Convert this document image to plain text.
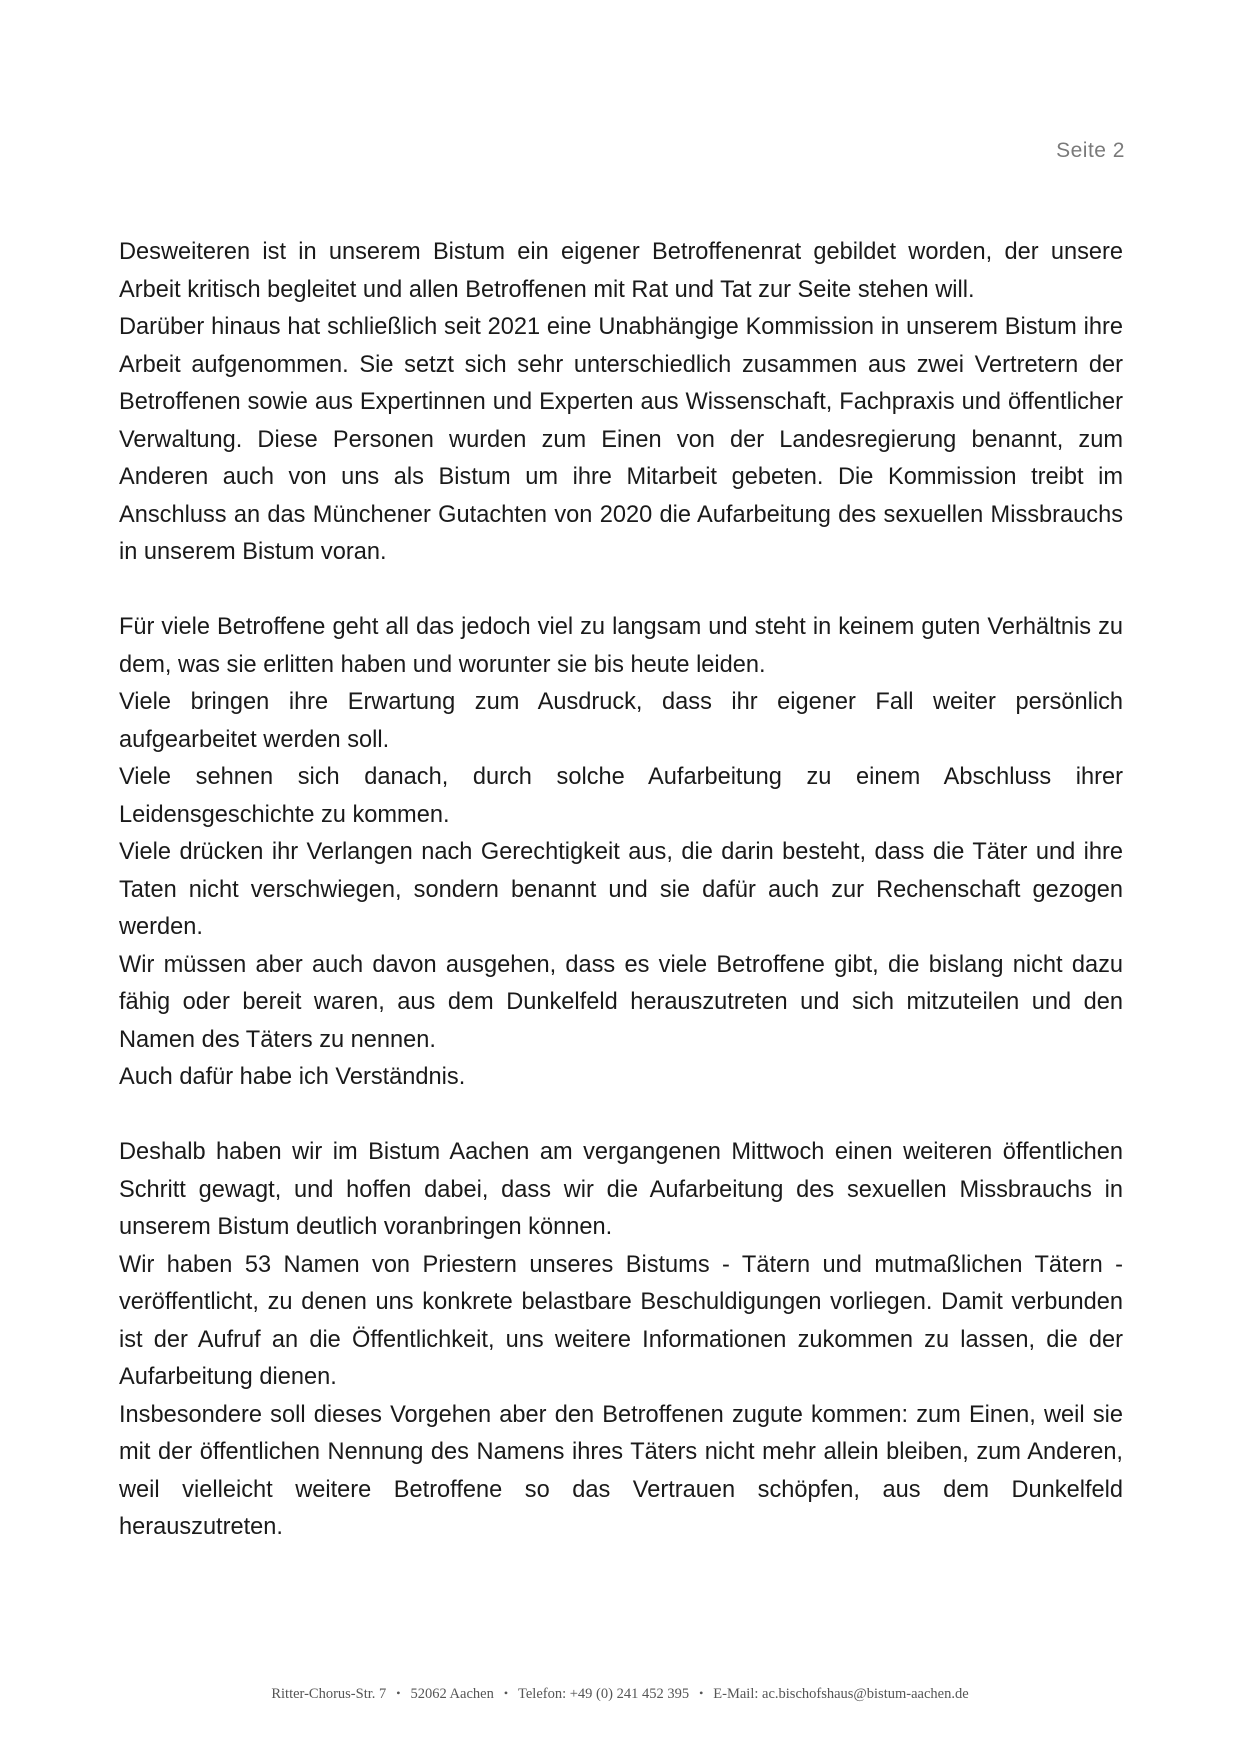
Seite 2

Desweiteren ist in unserem Bistum ein eigener Betroffenenrat gebildet worden, der unsere Arbeit kritisch begleitet und allen Betroffenen mit Rat und Tat zur Seite stehen will.

Darüber hinaus hat schließlich seit 2021 eine Unabhängige Kommission in unserem Bistum ihre Arbeit aufgenommen. Sie setzt sich sehr unterschiedlich zusammen aus zwei Vertretern der Betroffenen sowie aus Expertinnen und Experten aus Wissenschaft, Fachpraxis und öffentlicher Verwaltung. Diese Personen wurden zum Einen von der Landesregierung benannt, zum Anderen auch von uns als Bistum um ihre Mitarbeit gebeten. Die Kommission treibt im Anschluss an das Münchener Gutachten von 2020 die Aufarbeitung des sexuellen Missbrauchs in unserem Bistum voran.

Für viele Betroffene geht all das jedoch viel zu langsam und steht in keinem guten Verhältnis zu dem, was sie erlitten haben und worunter sie bis heute leiden.

Viele bringen ihre Erwartung zum Ausdruck, dass ihr eigener Fall weiter persönlich aufgearbeitet werden soll.

Viele sehnen sich danach, durch solche Aufarbeitung zu einem Abschluss ihrer Leidensgeschichte zu kommen.

Viele drücken ihr Verlangen nach Gerechtigkeit aus, die darin besteht, dass die Täter und ihre Taten nicht verschwiegen, sondern benannt und sie dafür auch zur Rechenschaft gezogen werden.

Wir müssen aber auch davon ausgehen, dass es viele Betroffene gibt, die bislang nicht dazu fähig oder bereit waren, aus dem Dunkelfeld herauszutreten und sich mitzuteilen und den Namen des Täters zu nennen.

Auch dafür habe ich Verständnis.

Deshalb haben wir im Bistum Aachen am vergangenen Mittwoch einen weiteren öffentlichen Schritt gewagt, und hoffen dabei, dass wir die Aufarbeitung des sexuellen Missbrauchs in unserem Bistum deutlich voranbringen können.

Wir haben 53 Namen von Priestern unseres Bistums - Tätern und mutmaßlichen Tätern - veröffentlicht, zu denen uns konkrete belastbare Beschuldigungen vorliegen. Damit verbunden ist der Aufruf an die Öffentlichkeit, uns weitere Informationen zukommen zu lassen, die der Aufarbeitung dienen.

Insbesondere soll dieses Vorgehen aber den Betroffenen zugute kommen: zum Einen, weil sie mit der öffentlichen Nennung des Namens ihres Täters nicht mehr allein bleiben, zum Anderen, weil vielleicht weitere Betroffene so das Vertrauen schöpfen, aus dem Dunkelfeld herauszutreten.

Ritter-Chorus-Str. 7 • 52062 Aachen • Telefon: +49 (0) 241 452 395 • E-Mail: ac.bischofshaus@bistum-aachen.de
